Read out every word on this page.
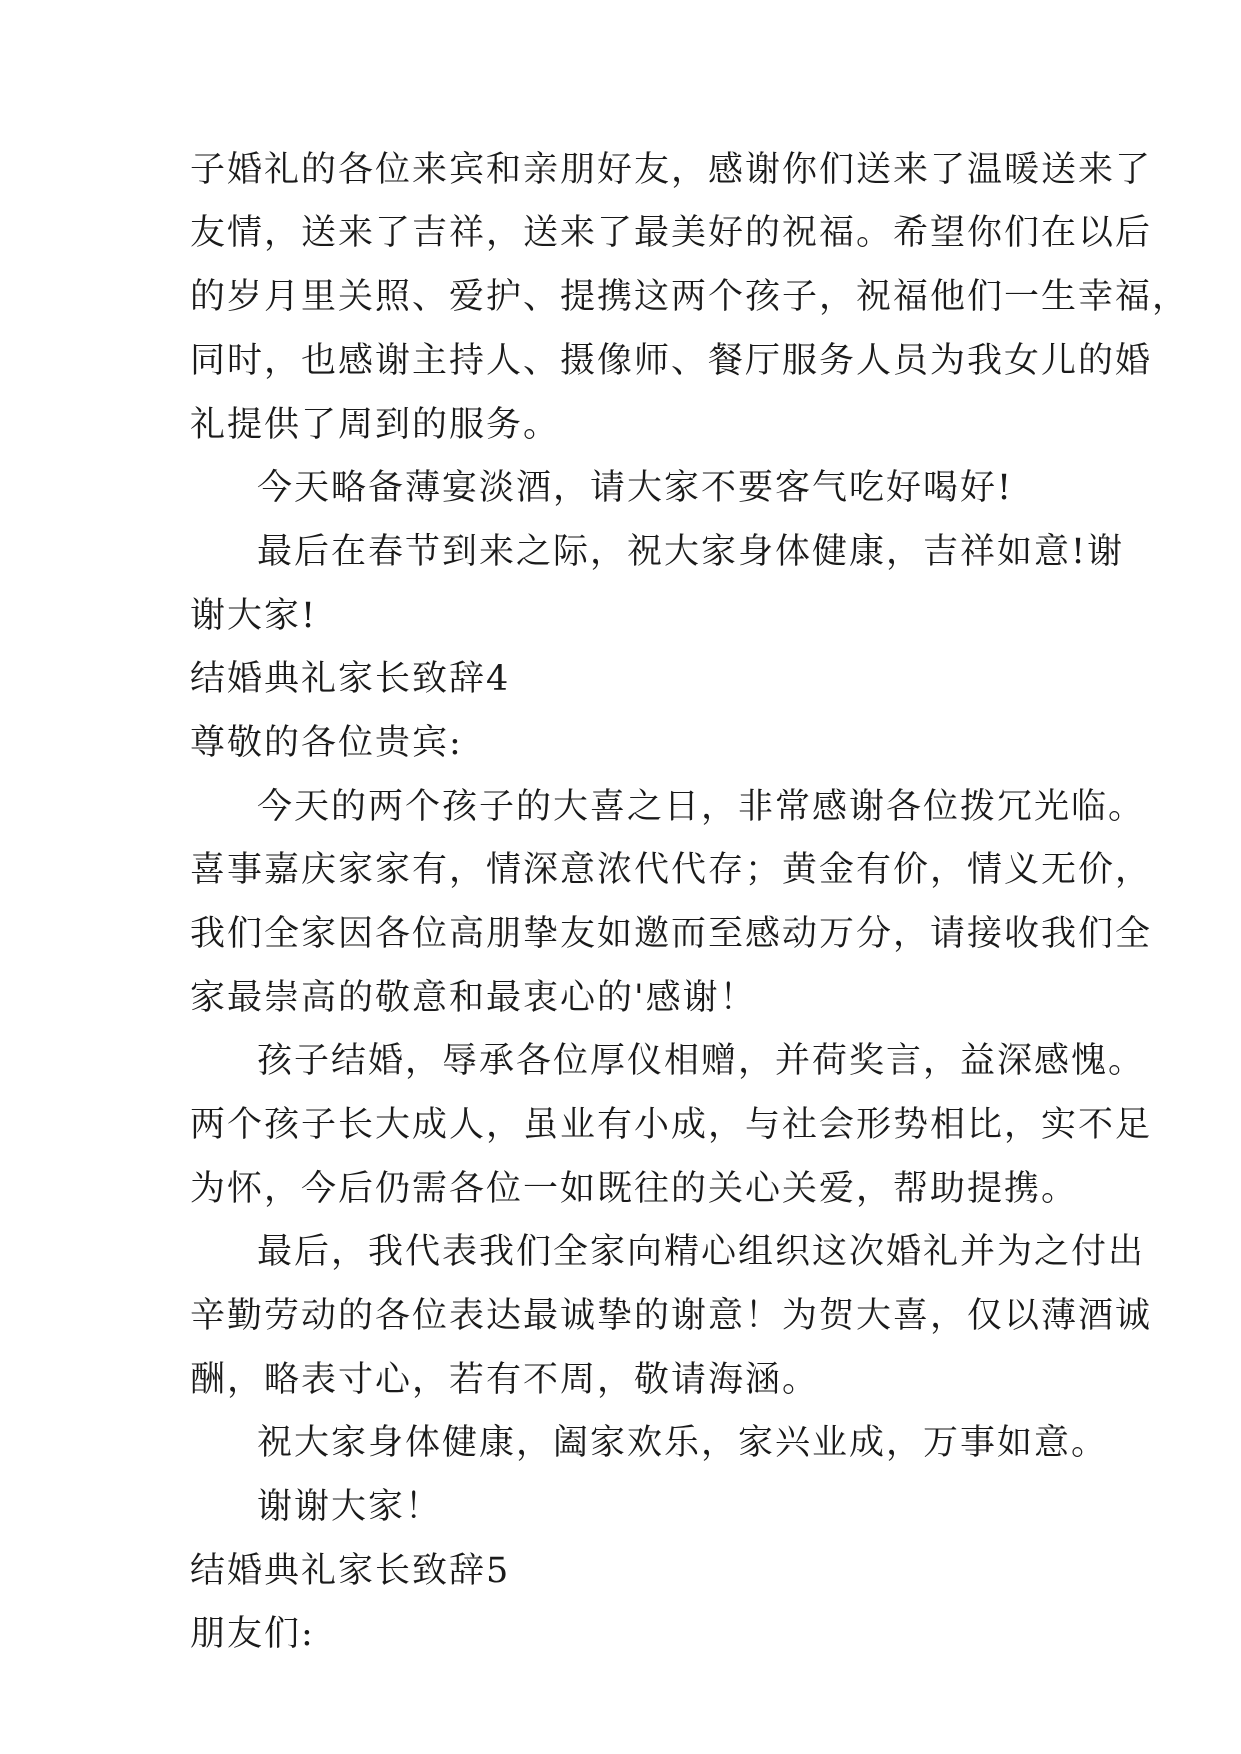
子婚礼的各位来宾和亲朋好友，感谢你们送来了温暖送来了
友情，送来了吉祥，送来了最美好的祝福。希望你们在以后
的岁月里关照、爱护、提携这两个孩子，祝福他们一生幸福，
同时，也感谢主持人、摄像师、餐厅服务人员为我女儿的婚
礼提供了周到的服务。
今天略备薄宴淡酒，请大家不要客气吃好喝好!
最后在春节到来之际，祝大家身体健康，吉祥如意!谢
谢大家!
结婚典礼家长致辞4
尊敬的各位贵宾:
今天的两个孩子的大喜之日，非常感谢各位拨冗光临。
喜事嘉庆家家有，情深意浓代代存；黄金有价，情义无价，
我们全家因各位高朋挚友如邀而至感动万分，请接收我们全
家最崇高的敬意和最衷心的'感谢！
孩子结婚，辱承各位厚仪相赠，并荷奖言，益深感愧。
两个孩子长大成人，虽业有小成，与社会形势相比，实不足
为怀，今后仍需各位一如既往的关心关爱，帮助提携。
最后，我代表我们全家向精心组织这次婚礼并为之付出
辛勤劳动的各位表达最诚挚的谢意！为贺大喜，仅以薄酒诚
酬，略表寸心，若有不周，敬请海涵。
祝大家身体健康，阖家欢乐，家兴业成，万事如意。
谢谢大家！
结婚典礼家长致辞5
朋友们:
